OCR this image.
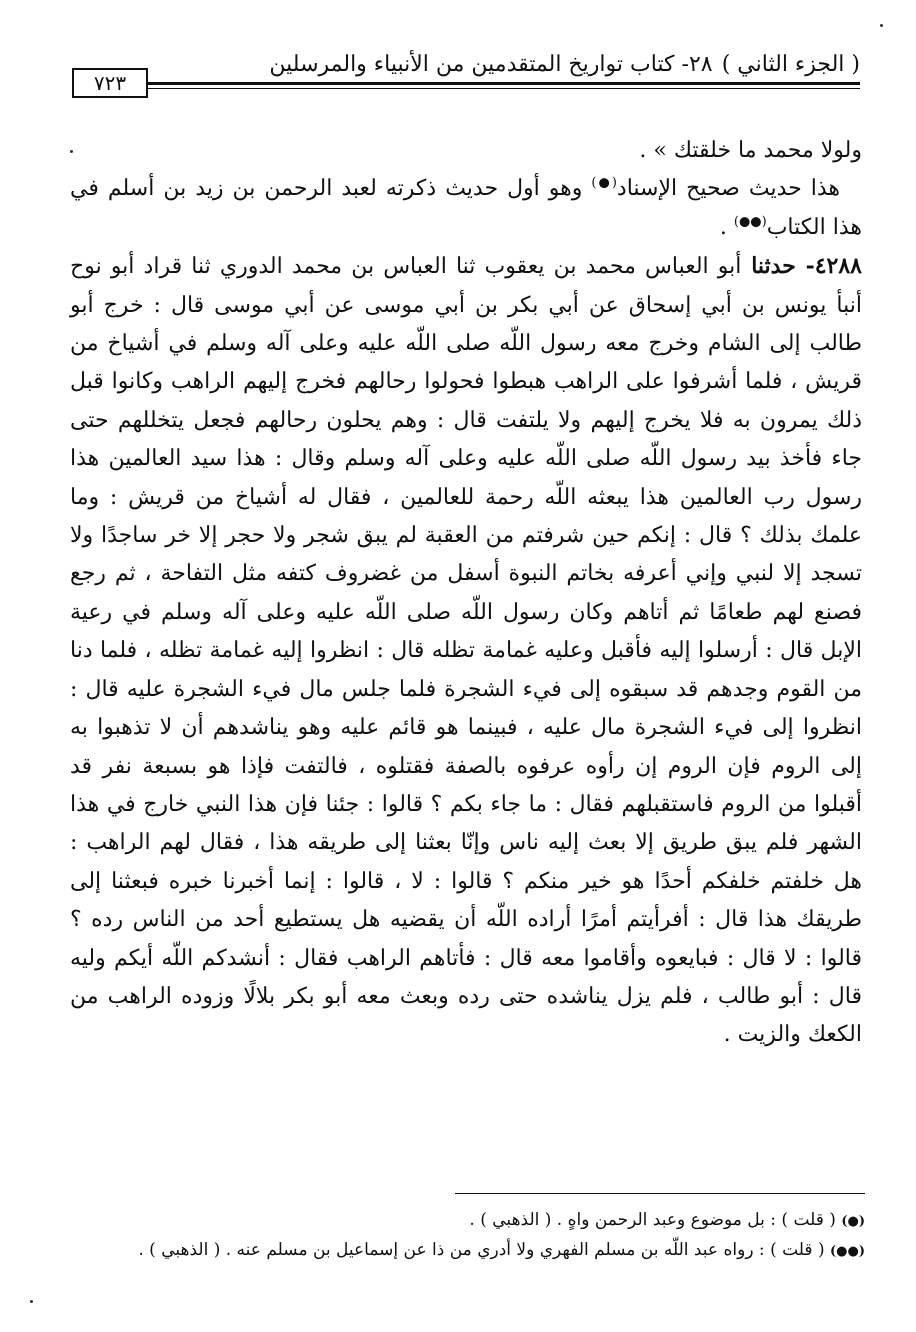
( الجزء الثاني )
٢٨- كتاب تواريخ المتقدمين من الأنبياء والمرسلين
٧٢٣

ولولا محمد ما خلقتك » .

هذا حديث صحيح الإسناد(●) وهو أول حديث ذكرته لعبد الرحمن بن زيد بن أسلم في هذا الكتاب(●●) .

٤٢٨٨- حدثنا أبو العباس محمد بن يعقوب ثنا العباس بن محمد الدوري ثنا قراد أبو نوح أنبأ يونس بن أبي إسحاق عن أبي بكر بن أبي موسى عن أبي موسى قال : خرج أبو طالب إلى الشام وخرج معه رسول اللّه صلى اللّه عليه وعلى آله وسلم في أشياخ من قريش ، فلما أشرفوا على الراهب هبطوا فحولوا رحالهم فخرج إليهم الراهب وكانوا قبل ذلك يمرون به فلا يخرج إليهم ولا يلتفت قال : وهم يحلون رحالهم فجعل يتخللهم حتى جاء فأخذ بيد رسول اللّه صلى اللّه عليه وعلى آله وسلم وقال : هذا سيد العالمين هذا رسول رب العالمين هذا يبعثه اللّه رحمة للعالمين ، فقال له أشياخ من قريش : وما علمك بذلك ؟ قال : إنكم حين شرفتم من العقبة لم يبق شجر ولا حجر إلا خر ساجدًا ولا تسجد إلا لنبي وإني أعرفه بخاتم النبوة أسفل من غضروف كتفه مثل التفاحة ، ثم رجع فصنع لهم طعامًا ثم أتاهم وكان رسول اللّه صلى اللّه عليه وعلى آله وسلم في رعية الإبل قال : أرسلوا إليه فأقبل وعليه غمامة تظله قال : انظروا إليه غمامة تظله ، فلما دنا من القوم وجدهم قد سبقوه إلى فيء الشجرة فلما جلس مال فيء الشجرة عليه قال : انظروا إلى فيء الشجرة مال عليه ، فبينما هو قائم عليه وهو يناشدهم أن لا تذهبوا به إلى الروم فإن الروم إن رأوه عرفوه بالصفة فقتلوه ، فالتفت فإذا هو بسبعة نفر قد أقبلوا من الروم فاستقبلهم فقال : ما جاء بكم ؟ قالوا : جئنا فإن هذا النبي خارج في هذا الشهر فلم يبق طريق إلا بعث إليه ناس وإنّا بعثنا إلى طريقه هذا ، فقال لهم الراهب : هل خلفتم خلفكم أحدًا هو خير منكم ؟ قالوا : لا ، قالوا : إنما أخبرنا خبره فبعثنا إلى طريقك هذا قال : أفرأيتم أمرًا أراده اللّه أن يقضيه هل يستطيع أحد من الناس رده ؟ قالوا : لا قال : فبايعوه وأقاموا معه قال : فأتاهم الراهب فقال : أنشدكم اللّه أيكم وليه قال : أبو طالب ، فلم يزل يناشده حتى رده وبعث معه أبو بكر بلالًا وزوده الراهب من الكعك والزيت .

(●) ( قلت ) : بل موضوع وعبد الرحمن واهٍ . ( الذهبي ) .

(●●) ( قلت ) : رواه عبد اللّه بن مسلم الفهري ولا أدري من ذا عن إسماعيل بن مسلم عنه . ( الذهبي ) .
